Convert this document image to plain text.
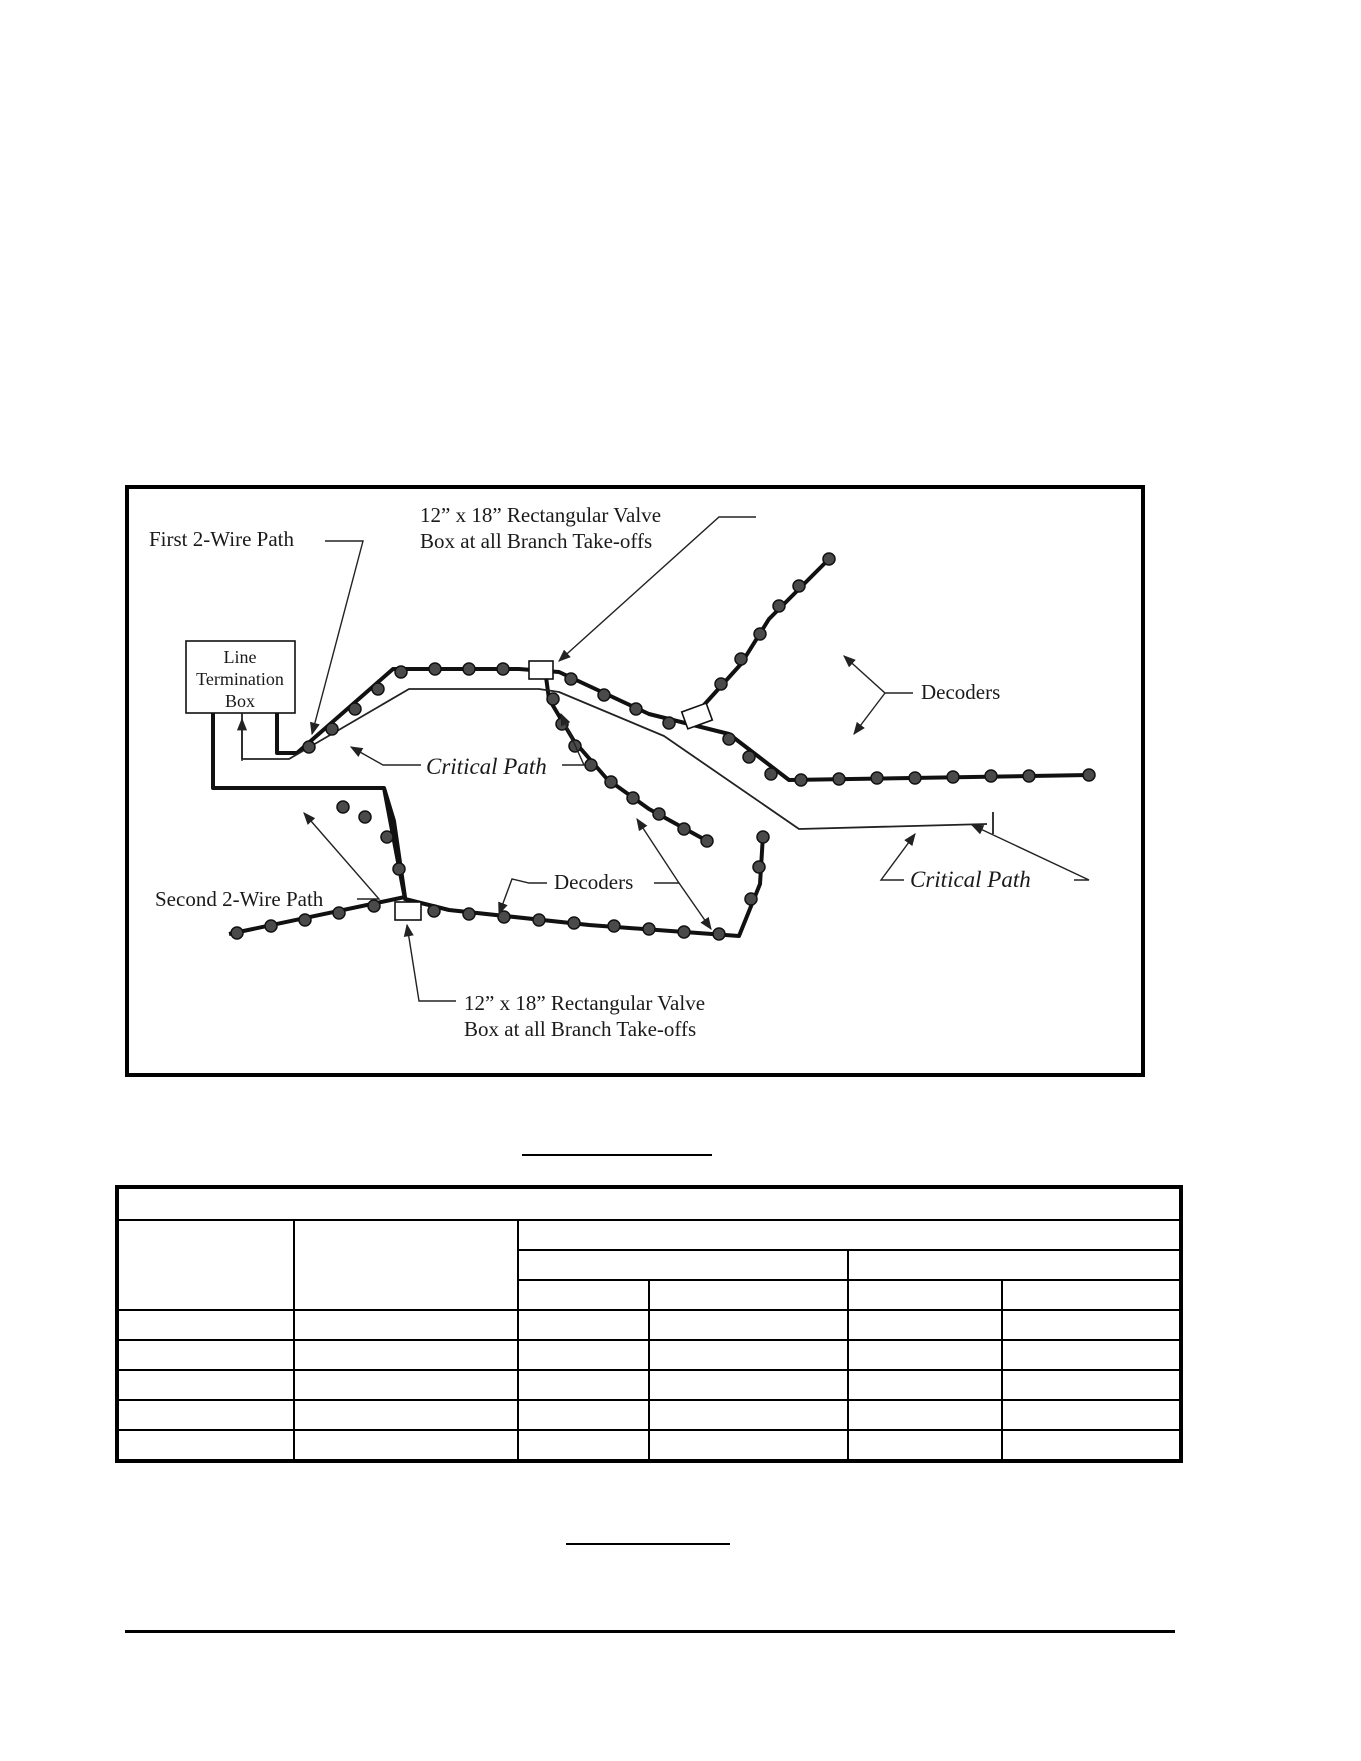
First 2-Wire Path
12” x 18” Rectangular Valve
Box at all Branch Take-offs
Decoders
Critical Path
Critical Path
Second 2-Wire Path
Decoders
12” x 18” Rectangular Valve
Box at all Branch Take-offs
Line
Termination
Box
